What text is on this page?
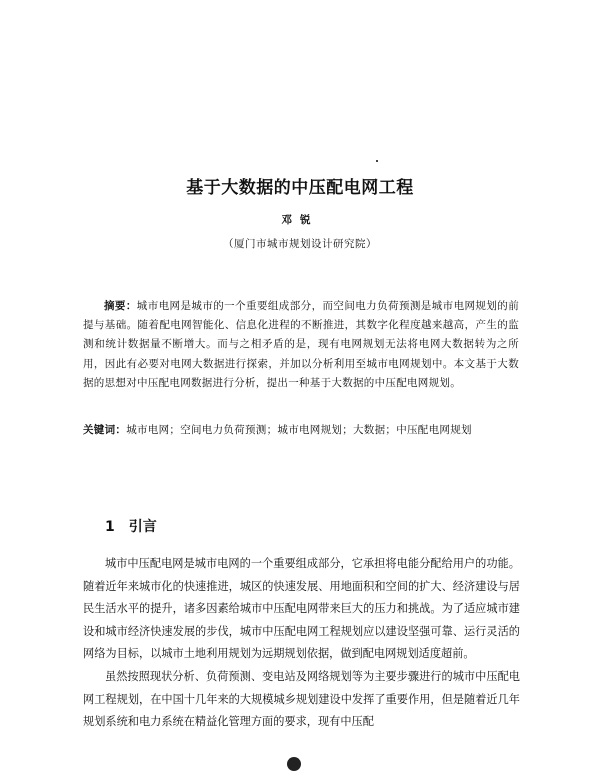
基于大数据的中压配电网工程
邓锐
（厦门市城市规划设计研究院）
摘要：城市电网是城市的一个重要组成部分，而空间电力负荷预测是城市电网规划的前提与基础。随着配电网智能化、信息化进程的不断推进，其数字化程度越来越高，产生的监测和统计数据量不断增大。而与之相矛盾的是，现有电网规划无法将电网大数据转为之所用，因此有必要对电网大数据进行探索，并加以分析利用至城市电网规划中。本文基于大数据的思想对中压配电网数据进行分析，提出一种基于大数据的中压配电网规划。
关键词：城市电网；空间电力负荷预测；城市电网规划；大数据；中压配电网规划
1 引言

城市中压配电网是城市电网的一个重要组成部分，它承担将电能分配给用户的功能。随着近年来城市化的快速推进，城区的快速发展、用地面积和空间的扩大、经济建设与居民生活水平的提升，诸多因素给城市中压配电网带来巨大的压力和挑战。为了适应城市建设和城市经济快速发展的步伐，城市中压配电网工程规划应以建设坚强可靠、运行灵活的网络为目标，以城市土地利用规划为远期规划依据，做到配电网规划适度超前。

虽然按照现状分析、负荷预测、变电站及网络规划等为主要步骤进行的城市中压配电网工程规划，在中国十几年来的大规模城乡规划建设中发挥了重要作用，但是随着近几年规划系统和电力系统在精益化管理方面的要求，现有中压配
